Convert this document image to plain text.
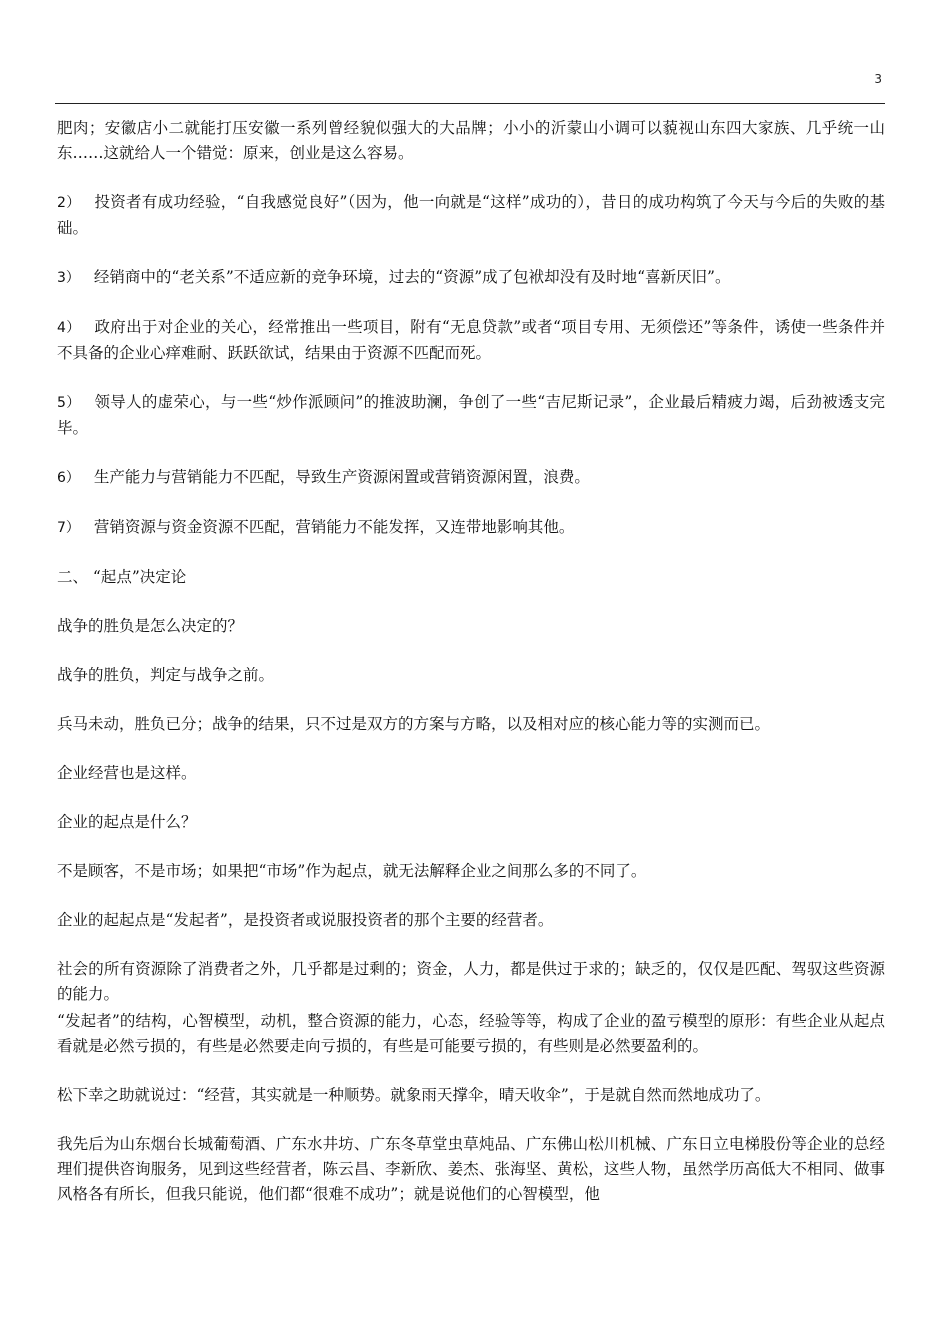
3

肥肉；安徽店小二就能打压安徽一系列曾经貌似强大的大品牌；小小的沂蒙山小调可以藐视山东四大家族、几乎统一山东……这就给人一个错觉：原来，创业是这么容易。

2） 投资者有成功经验，“自我感觉良好”（因为，他一向就是“这样”成功的），昔日的成功构筑了今天与今后的失败的基础。

3） 经销商中的“老关系”不适应新的竞争环境，过去的“资源”成了包袱却没有及时地“喜新厌旧”。

4） 政府出于对企业的关心，经常推出一些项目，附有“无息贷款”或者“项目专用、无须偿还”等条件，诱使一些条件并不具备的企业心痒难耐、跃跃欲试，结果由于资源不匹配而死。

5） 领导人的虚荣心，与一些“炒作派顾问”的推波助澜，争创了一些“吉尼斯记录”，企业最后精疲力竭，后劲被透支完毕。

6） 生产能力与营销能力不匹配，导致生产资源闲置或营销资源闲置，浪费。

7） 营销资源与资金资源不匹配，营销能力不能发挥，又连带地影响其他。

二、 “起点”决定论

战争的胜负是怎么决定的？

战争的胜负，判定与战争之前。

兵马未动，胜负已分；战争的结果，只不过是双方的方案与方略，以及相对应的核心能力等的实测而已。

企业经营也是这样。

企业的起点是什么？

不是顾客，不是市场；如果把“市场”作为起点，就无法解释企业之间那么多的不同了。

企业的起起点是“发起者”，是投资者或说服投资者的那个主要的经营者。

社会的所有资源除了消费者之外，几乎都是过剩的；资金，人力，都是供过于求的；缺乏的，仅仅是匹配、驾驭这些资源的能力。

“发起者”的结构，心智模型，动机，整合资源的能力，心态，经验等等，构成了企业的盈亏模型的原形：有些企业从起点看就是必然亏损的，有些是必然要走向亏损的，有些是可能要亏损的，有些则是必然要盈利的。

松下幸之助就说过：“经营，其实就是一种顺势。就象雨天撑伞，晴天收伞”，于是就自然而然地成功了。

我先后为山东烟台长城葡萄酒、广东水井坊、广东冬草堂虫草炖品、广东佛山松川机械、广东日立电梯股份等企业的总经理们提供咨询服务，见到这些经营者，陈云昌、李新欣、姜杰、张海坚、黄松，这些人物，虽然学历高低大不相同、做事风格各有所长，但我只能说，他们都“很难不成功”；就是说他们的心智模型，他
